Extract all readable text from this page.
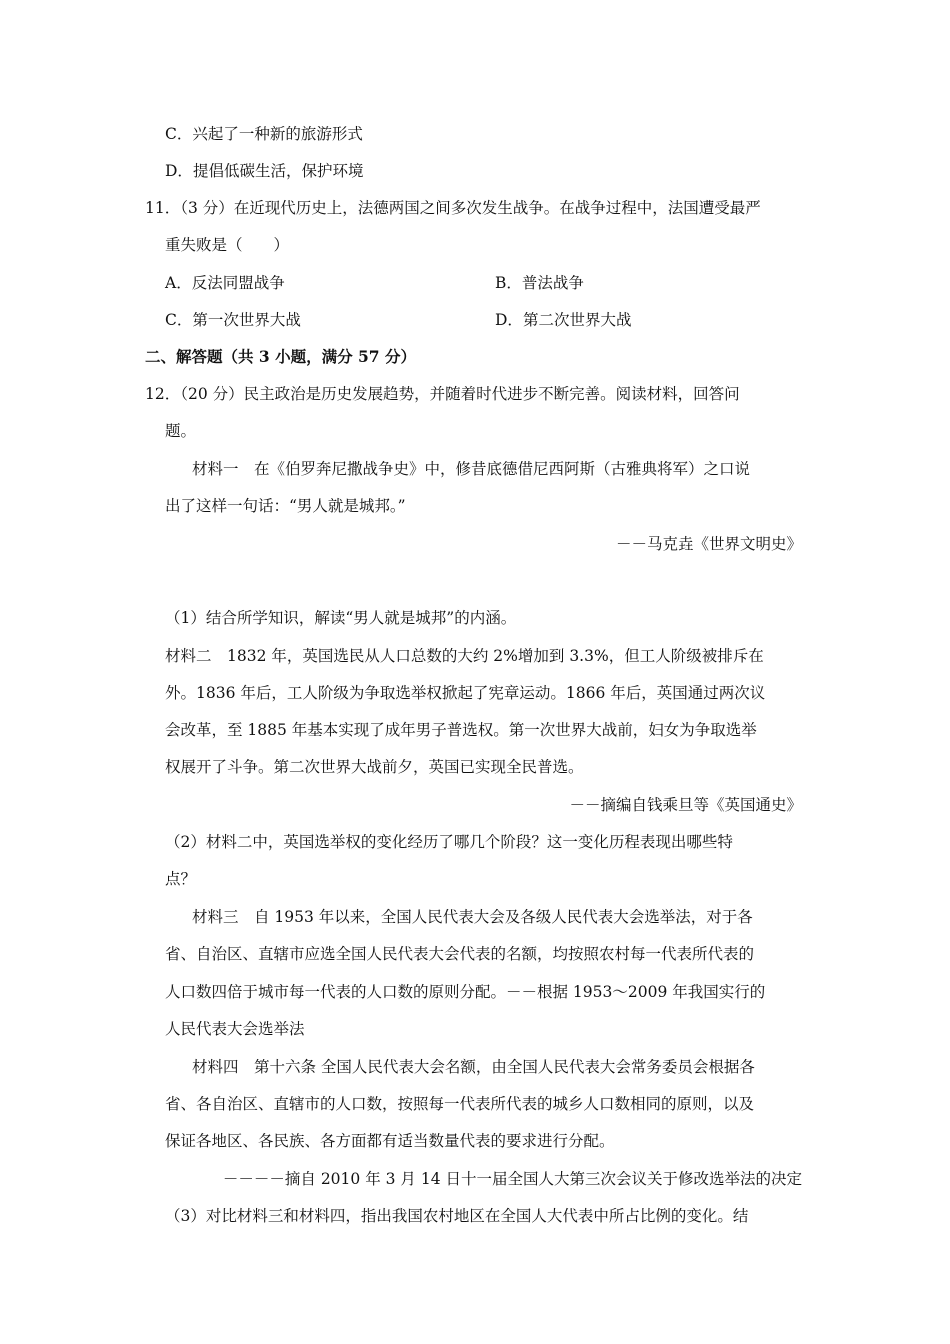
C．兴起了一种新的旅游形式
D．提倡低碳生活，保护环境
11．（3 分）在近现代历史上，法德两国之间多次发生战争。在战争过程中，法国遭受最严
重失败是（　　）
A．反法同盟战争	B．普法战争
C．第一次世界大战	D．第二次世界大战
二、解答题（共 3 小题，满分 57 分）
12．（20 分）民主政治是历史发展趋势，并随着时代进步不断完善。阅读材料，回答问
题。
材料一　在《伯罗奔尼撒战争史》中，修昔底德借尼西阿斯（古雅典将军）之口说
出了这样一句话：“男人就是城邦。”
－－马克垚《世界文明史》
（1）结合所学知识，解读“男人就是城邦”的内涵。
材料二　1832 年，英国选民从人口总数的大约 2%增加到 3.3%，但工人阶级被排斥在
外。1836 年后，工人阶级为争取选举权掀起了宪章运动。1866 年后，英国通过两次议
会改革，至 1885 年基本实现了成年男子普选权。第一次世界大战前，妇女为争取选举
权展开了斗争。第二次世界大战前夕，英国已实现全民普选。
－－摘编自钱乘旦等《英国通史》
（2）材料二中，英国选举权的变化经历了哪几个阶段？这一变化历程表现出哪些特
点？
材料三　自 1953 年以来，全国人民代表大会及各级人民代表大会选举法，对于各
省、自治区、直辖市应选全国人民代表大会代表的名额，均按照农村每一代表所代表的
人口数四倍于城市每一代表的人口数的原则分配。－－根据 1953～2009 年我国实行的
人民代表大会选举法
材料四　第十六条 全国人民代表大会名额，由全国人民代表大会常务委员会根据各
省、各自治区、直辖市的人口数，按照每一代表所代表的城乡人口数相同的原则，以及
保证各地区、各民族、各方面都有适当数量代表的要求进行分配。
－－－－摘自 2010 年 3 月 14 日十一届全国人大第三次会议关于修改选举法的决定
（3）对比材料三和材料四，指出我国农村地区在全国人大代表中所占比例的变化。结
